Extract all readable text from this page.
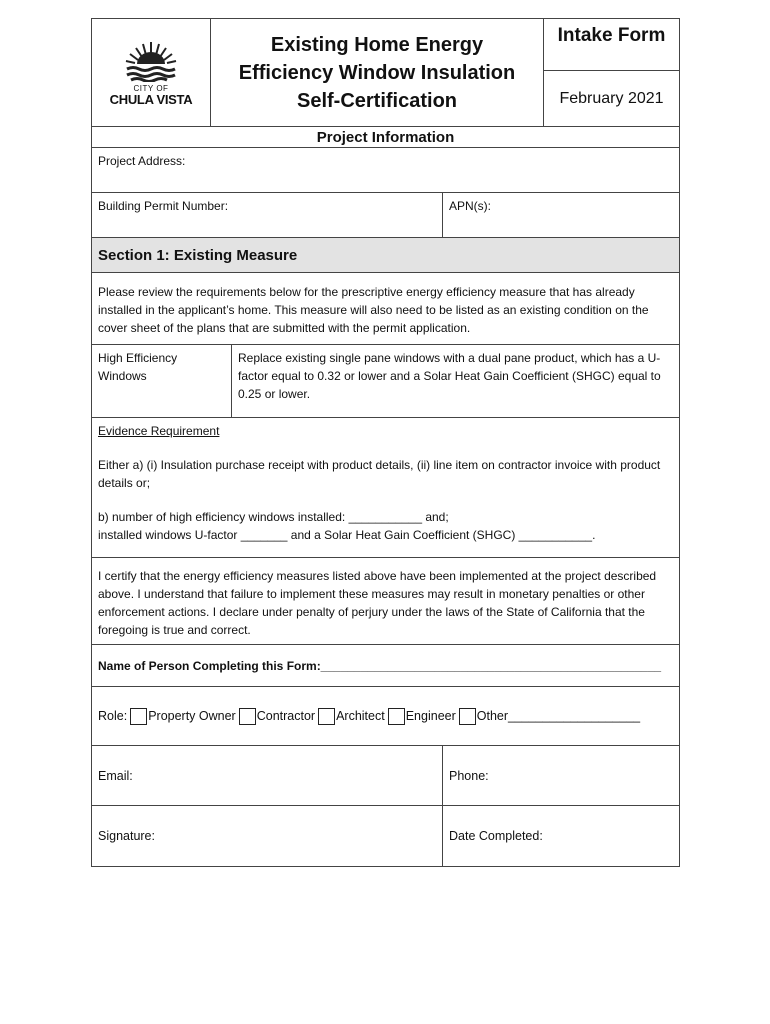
CITY OF
CHULA VISTA
Existing Home Energy Efficiency Window Insulation Self-Certification
Intake Form
February 2021
Project Information
Project Address:
Building Permit Number:	APN(s):
Section 1: Existing Measure
Please review the requirements below for the prescriptive energy efficiency measure that has already installed in the applicant’s home. This measure will also need to be listed as an existing condition on the cover sheet of the plans that are submitted with the permit application.
High Efficiency Windows
Replace existing single pane windows with a dual pane product, which has a U-factor equal to 0.32 or lower and a Solar Heat Gain Coefficient (SHGC) equal to 0.25 or lower.

Evidence Requirement

Either a) (i) Insulation purchase receipt with product details, (ii) line item on contractor invoice with product details or;

b) number of high efficiency windows installed: ___________ and;
installed windows U-factor _______ and a Solar Heat Gain Coefficient (SHGC) ___________.
I certify that the energy efficiency measures listed above have been implemented at the project described above. I understand that failure to implement these measures may result in monetary penalties or other enforcement actions. I declare under penalty of perjury under the laws of the State of California that the foregoing is true and correct.
Name of Person Completing this Form:___________________________________________________
Role: Property Owner Contractor Architect Engineer Other___________________
Email:	Phone:
Signature:	Date Completed:
